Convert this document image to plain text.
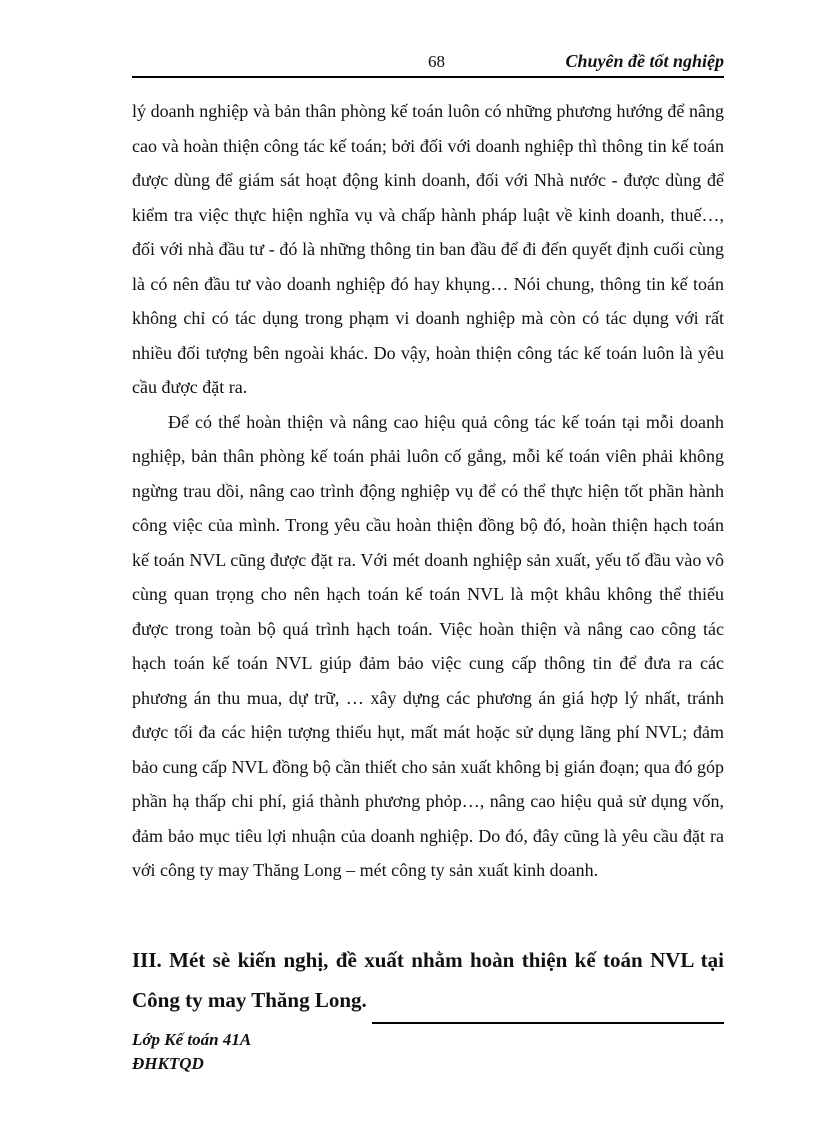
68	Chuyên đề tốt nghiệp

lý doanh nghiệp và bản thân phòng kế toán luôn có những phương hướng để nâng cao và hoàn thiện công tác kế toán; bởi đối với doanh nghiệp thì thông tin kế toán được dùng để giám sát hoạt động kinh doanh, đối với Nhà nước - được dùng để kiểm tra việc thực hiện nghĩa vụ và chấp hành pháp luật về kinh doanh, thuế…, đối với nhà đầu tư - đó là những thông tin ban đầu để đi đến quyết định cuối cùng là có nên đầu tư vào doanh nghiệp đó hay khụng… Nói chung, thông tin kế toán không chỉ có tác dụng trong phạm vi doanh nghiệp mà còn có tác dụng với rất nhiều đối tượng bên ngoài khác. Do vậy, hoàn thiện công tác kế toán luôn là yêu cầu được đặt ra.

Để có thể hoàn thiện và nâng cao hiệu quả công tác kế toán tại mỗi doanh nghiệp, bản thân phòng kế toán phải luôn cố gắng, mỗi kế toán viên phải không ngừng trau dồi, nâng cao trình động nghiệp vụ để có thể thực hiện tốt phần hành công việc của mình. Trong yêu cầu hoàn thiện đồng bộ đó, hoàn thiện hạch toán kế toán NVL cũng được đặt ra. Với mét doanh nghiệp sản xuất, yếu tố đầu vào vô cùng quan trọng cho nên hạch toán kế toán NVL là một khâu không thể thiếu được trong toàn bộ quá trình hạch toán. Việc hoàn thiện và nâng cao công tác hạch toán kế toán NVL giúp đảm bảo việc cung cấp thông tin để đưa ra các phương án thu mua, dự trữ, … xây dựng các phương án giá hợp lý nhất, tránh được tối đa các hiện tượng thiếu hụt, mất mát hoặc sử dụng lãng phí NVL; đảm bảo cung cấp NVL đồng bộ cần thiết cho sản xuất không bị gián đoạn; qua đó góp phần hạ thấp chi phí, giá thành phương phỏp…, nâng cao hiệu quả sử dụng vốn, đảm bảo mục tiêu lợi nhuận của doanh nghiệp. Do đó, đây cũng là yêu cầu đặt ra với công ty may Thăng Long – mét công ty sản xuất kinh doanh.

III. Mét sè kiến nghị, đề xuất nhằm hoàn thiện kế toán NVL tại Công ty may Thăng Long.

Lớp Kế toán 41A
ĐHKTQD
